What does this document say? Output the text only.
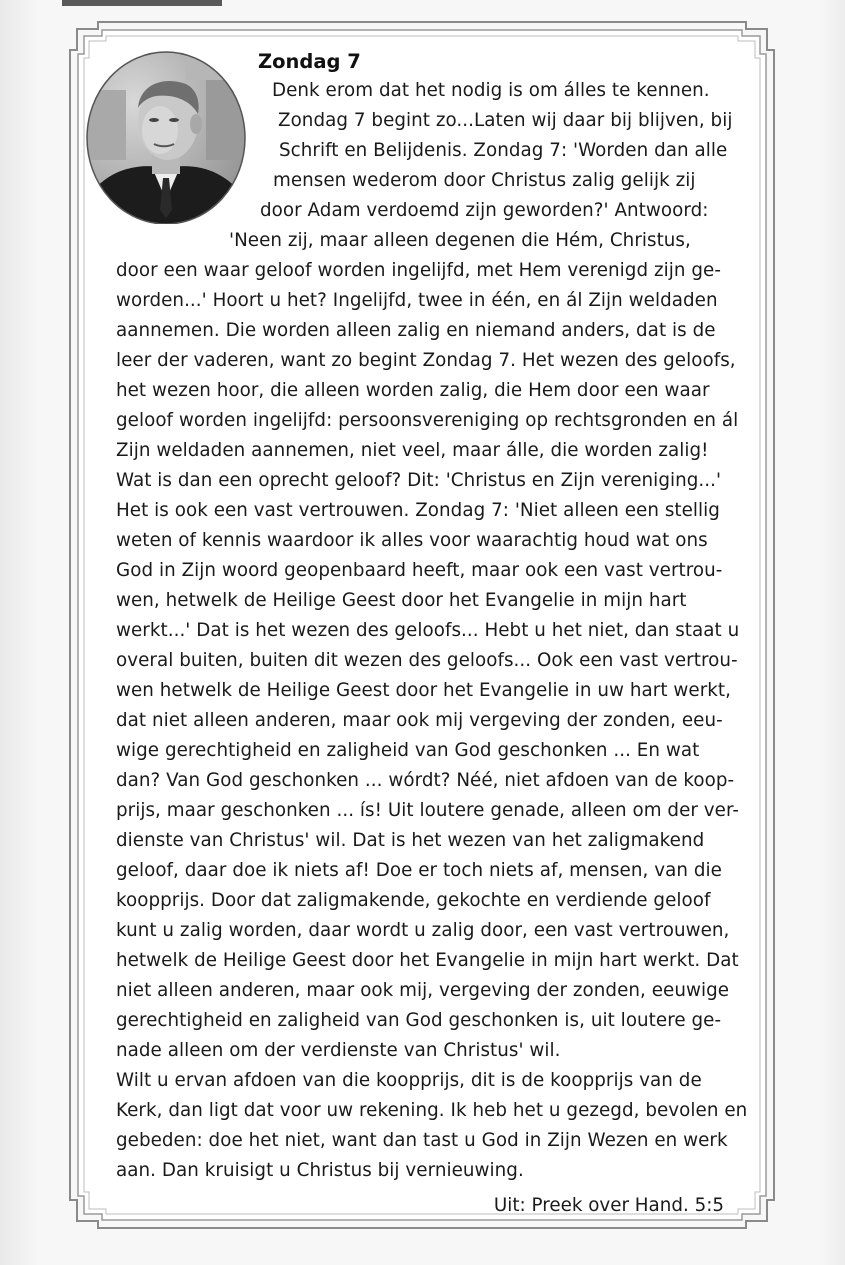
Zondag 7
Denk erom dat het nodig is om álles te kennen.
Zondag 7 begint zo...Laten wij daar bij blijven, bij
Schrift en Belijdenis. Zondag 7: 'Worden dan alle
mensen wederom door Christus zalig gelijk zij
door Adam verdoemd zijn geworden?' Antwoord:
'Neen zij, maar alleen degenen die Hém, Christus,
door een waar geloof worden ingelijfd, met Hem verenigd zijn ge-
worden...' Hoort u het? Ingelijfd, twee in één, en ál Zijn weldaden
aannemen. Die worden alleen zalig en niemand anders, dat is de
leer der vaderen, want zo begint Zondag 7. Het wezen des geloofs,
het wezen hoor, die alleen worden zalig, die Hem door een waar
geloof worden ingelijfd: persoonsvereniging op rechtsgronden en ál
Zijn weldaden aannemen, niet veel, maar álle, die worden zalig!
Wat is dan een oprecht geloof? Dit: 'Christus en Zijn vereniging...'
Het is ook een vast vertrouwen. Zondag 7: 'Niet alleen een stellig
weten of kennis waardoor ik alles voor waarachtig houd wat ons
God in Zijn woord geopenbaard heeft, maar ook een vast vertrou-
wen, hetwelk de Heilige Geest door het Evangelie in mijn hart
werkt...' Dat is het wezen des geloofs... Hebt u het niet, dan staat u
overal buiten, buiten dit wezen des geloofs... Ook een vast vertrou-
wen hetwelk de Heilige Geest door het Evangelie in uw hart werkt,
dat niet alleen anderen, maar ook mij vergeving der zonden, eeu-
wige gerechtigheid en zaligheid van God geschonken ... En wat
dan? Van God geschonken ... wórdt? Néé, niet afdoen van de koop-
prijs, maar geschonken ... ís! Uit loutere genade, alleen om der ver-
dienste van Christus' wil. Dat is het wezen van het zaligmakend
geloof, daar doe ik niets af! Doe er toch niets af, mensen, van die
koopprijs. Door dat zaligmakende, gekochte en verdiende geloof
kunt u zalig worden, daar wordt u zalig door, een vast vertrouwen,
hetwelk de Heilige Geest door het Evangelie in mijn hart werkt. Dat
niet alleen anderen, maar ook mij, vergeving der zonden, eeuwige
gerechtigheid en zaligheid van God geschonken is, uit loutere ge-
nade alleen om der verdienste van Christus' wil.
Wilt u ervan afdoen van die koopprijs, dit is de koopprijs van de
Kerk, dan ligt dat voor uw rekening. Ik heb het u gezegd, bevolen en
gebeden: doe het niet, want dan tast u God in Zijn Wezen en werk
aan. Dan kruisigt u Christus bij vernieuwing.
Uit: Preek over Hand. 5:5
